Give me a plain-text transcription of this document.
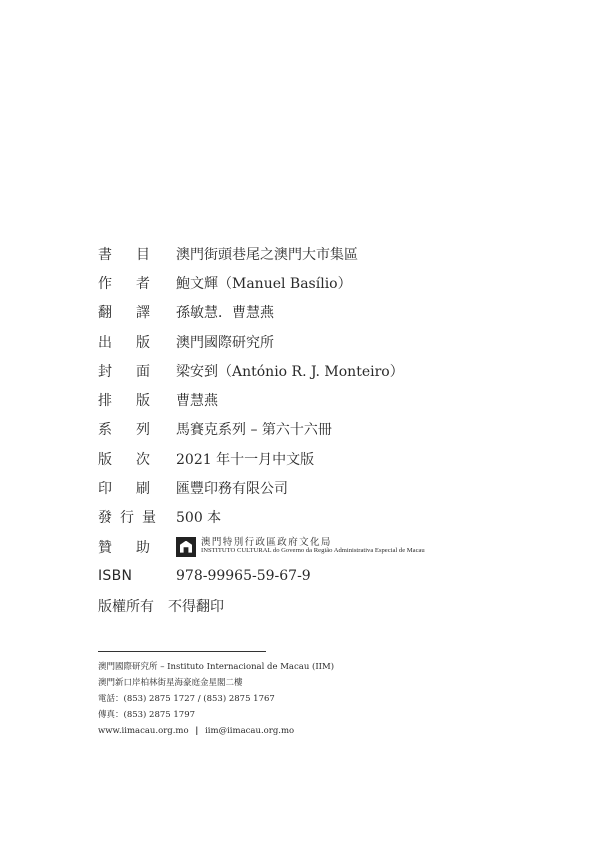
書 目 澳門街頭巷尾之澳門大市集區
作 者 鮑文輝（Manuel Basílio）
翻 譯 孫敏慧．曹慧燕
出 版 澳門國際研究所
封 面 梁安到（António R. J. Monteiro）
排 版 曹慧燕
系 列 馬賽克系列 – 第六十六冊
版 次 2021 年十一月中文版
印 刷 匯豐印務有限公司
發 行 量 500 本
贊 助	澳門特別行政區政府文化局
INSTITUTO CULTURAL do Governo da Região Administrativa Especial de Macau
ISBN	978-99965-59-67-9
版權所有 不得翻印
澳門國際研究所 – Instituto Internacional de Macau (IIM)
澳門新口岸柏林街星海豪庭金星閣二樓
電話：(853) 2875 1727 / (853) 2875 1767
傳真：(853) 2875 1797
www.iimacau.org.mo | iim@iimacau.org.mo
